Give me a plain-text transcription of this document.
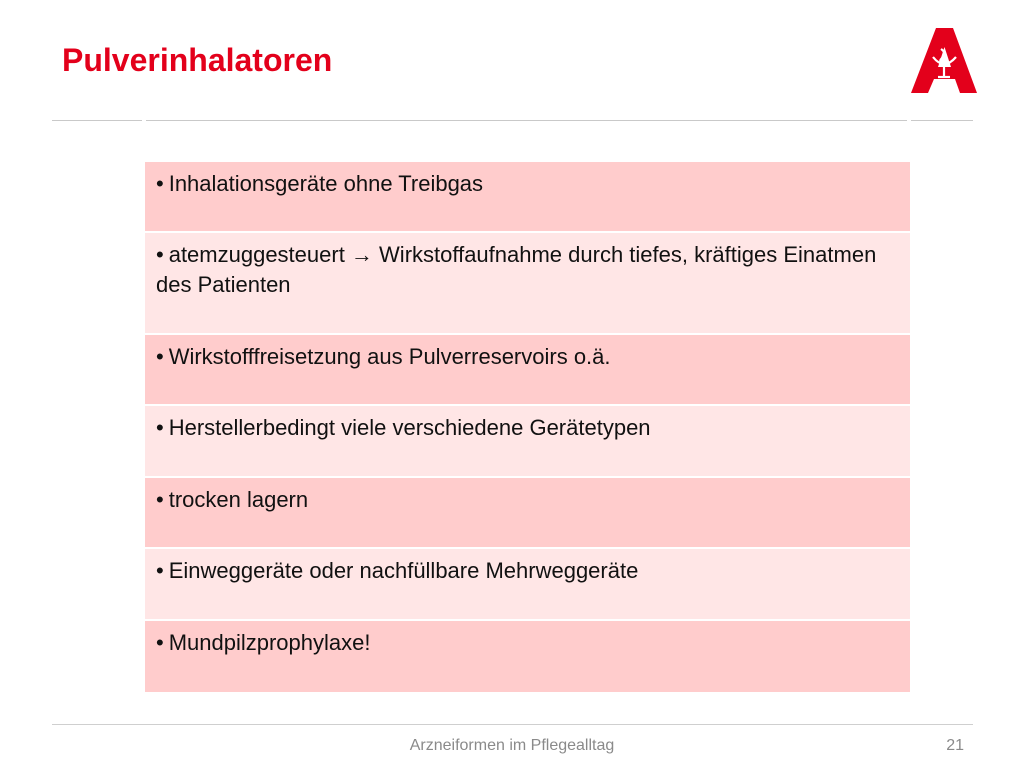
Pulverinhalatoren
• Inhalationsgeräte ohne Treibgas
• atemzuggesteuert → Wirkstoffaufnahme durch tiefes, kräftiges Einatmen des Patienten
• Wirkstofffreisetzung aus Pulverreservoirs o.ä.
• Herstellerbedingt viele verschiedene Gerätetypen
• trocken lagern
• Einweggeräte oder nachfüllbare Mehrweggeräte
• Mundpilzprophylaxe!
Arzneiformen im Pflegealltag	21
